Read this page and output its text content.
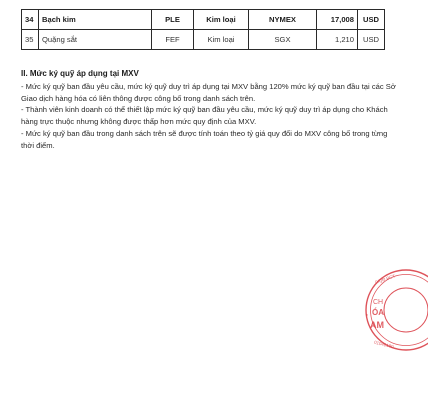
34	Bạch kim	PLE	Kim loại	NYMEX	17,008	USD
35	Quặng sắt	FEF	Kim loại	SGX	1,210	USD
II. Mức ký quỹ áp dụng tại MXV

- Mức ký quỹ ban đầu yêu cầu, mức ký quỹ duy trì áp dụng tại MXV bằng 120% mức ký quỹ ban đầu tại các Sở Giao dịch hàng hóa có liên thông được công bố trong danh sách trên.

- Thành viên kinh doanh có thể thiết lập mức ký quỹ ban đầu yêu cầu, mức ký quỹ duy trì áp dụng cho Khách hàng trực thuộc nhưng không được thấp hơn mức quy định của MXV.

- Mức ký quỹ ban đầu trong danh sách trên sẽ được tính toán theo tỷ giá quy đổi do MXV công bố trong từng thời điểm.

CH
ÓA
AM
0/QĐ.BCT
01040180
*
